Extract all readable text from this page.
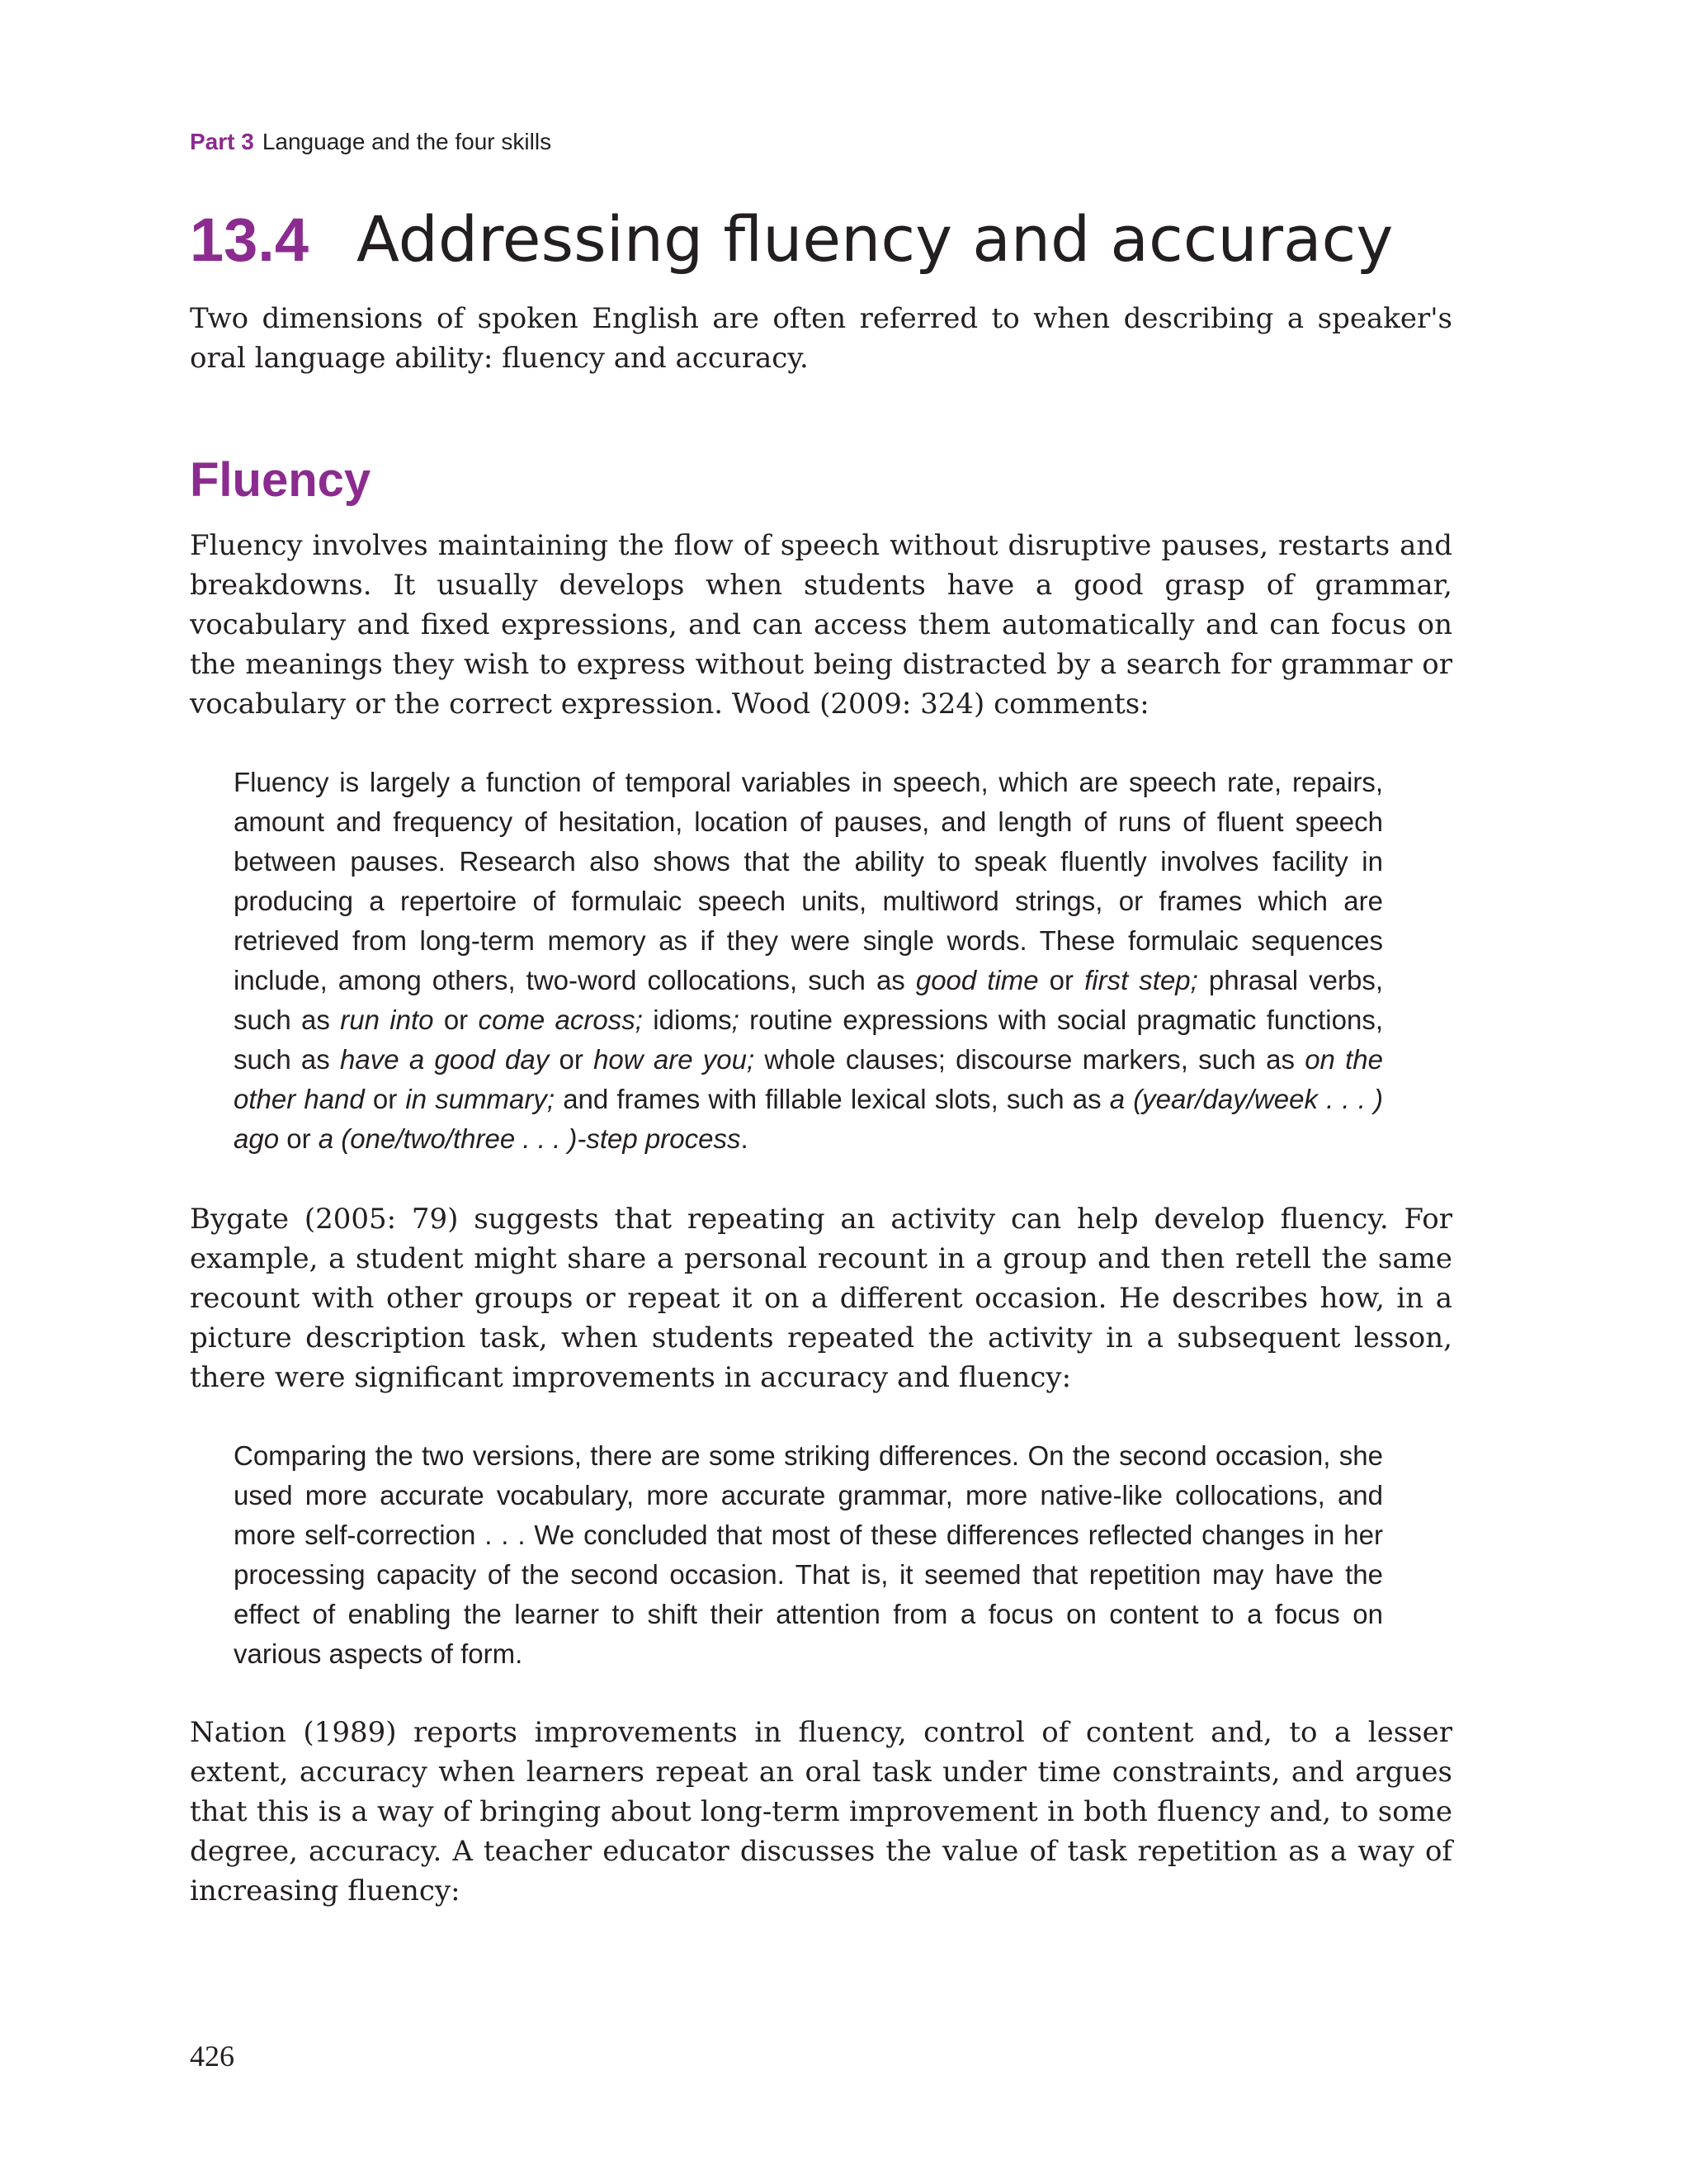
Part 3 Language and the four skills
13.4 Addressing fluency and accuracy

Two dimensions of spoken English are often referred to when describing a speaker's oral language ability: fluency and accuracy.

Fluency

Fluency involves maintaining the flow of speech without disruptive pauses, restarts and breakdowns. It usually develops when students have a good grasp of grammar, vocabulary and fixed expressions, and can access them automatically and can focus on the meanings they wish to express without being distracted by a search for grammar or vocabulary or the correct expression. Wood (2009: 324) comments:

Fluency is largely a function of temporal variables in speech, which are speech rate, repairs, amount and frequency of hesitation, location of pauses, and length of runs of fluent speech between pauses. Research also shows that the ability to speak fluently involves facility in producing a repertoire of formulaic speech units, multiword strings, or frames which are retrieved from long-term memory as if they were single words. These formulaic sequences include, among others, two-word collocations, such as good time or first step; phrasal verbs, such as run into or come across; idioms; routine expressions with social pragmatic functions, such as have a good day or how are you; whole clauses; discourse markers, such as on the other hand or in summary; and frames with fillable lexical slots, such as a (year/day/week . . . ) ago or a (one/two/three . . . )-step process.

Bygate (2005: 79) suggests that repeating an activity can help develop fluency. For example, a student might share a personal recount in a group and then retell the same recount with other groups or repeat it on a different occasion. He describes how, in a picture description task, when students repeated the activity in a subsequent lesson, there were significant improvements in accuracy and fluency:

Comparing the two versions, there are some striking differences. On the second occasion, she used more accurate vocabulary, more accurate grammar, more native-like collocations, and more self-correction . . . We concluded that most of these differences reflected changes in her processing capacity of the second occasion. That is, it seemed that repetition may have the effect of enabling the learner to shift their attention from a focus on content to a focus on various aspects of form.

Nation (1989) reports improvements in fluency, control of content and, to a lesser extent, accuracy when learners repeat an oral task under time constraints, and argues that this is a way of bringing about long-term improvement in both fluency and, to some degree, accuracy. A teacher educator discusses the value of task repetition as a way of increasing fluency:

426
